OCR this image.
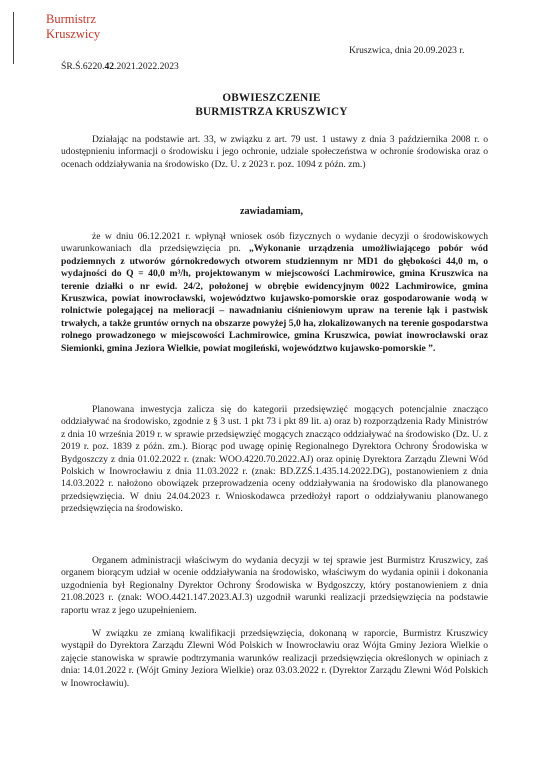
Burmistrz
Kruszwicy
Kruszwica, dnia 20.09.2023 r.
ŚR.Ś.6220.42.2021.2022.2023
OBWIESZCZENIE
BURMISTRZA KRUSZWICY

Działając na podstawie art. 33, w związku z art. 79 ust. 1 ustawy z dnia 3 października 2008 r. o udostępnieniu informacji o środowisku i jego ochronie, udziale społeczeństwa w ochronie środowiska oraz o ocenach oddziaływania na środowisko (Dz. U. z 2023 r. poz. 1094 z późn. zm.)

zawiadamiam,

że w dniu 06.12.2021 r. wpłynął wniosek osób fizycznych o wydanie decyzji o środowiskowych uwarunkowaniach dla przedsięwzięcia pn. „Wykonanie urządzenia umożliwiającego pobór wód podziemnych z utworów górnokredowych otworem studziennym nr MD1 do głębokości 44,0 m, o wydajności do Q = 40,0 m³/h, projektowanym w miejscowości Lachmirowice, gmina Kruszwica na terenie działki o nr ewid. 24/2, położonej w obrębie ewidencyjnym 0022 Lachmirowice, gmina Kruszwica, powiat inowrocławski, województwo kujawsko-pomorskie oraz gospodarowanie wodą w rolnictwie polegającej na melioracji – nawadnianiu ciśnieniowym upraw na terenie łąk i pastwisk trwałych, a także gruntów ornych na obszarze powyżej 5,0 ha, zlokalizowanych na terenie gospodarstwa rolnego prowadzonego w miejscowości Lachmirowice, gmina Kruszwica, powiat inowrocławski oraz Siemionki, gmina Jeziora Wielkie, powiat mogileński, województwo kujawsko-pomorskie ”.

Planowana inwestycja zalicza się do kategorii przedsięwzięć mogących potencjalnie znacząco oddziaływać na środowisko, zgodnie z § 3 ust. 1 pkt 73 i pkt 89 lit. a) oraz b) rozporządzenia Rady Ministrów z dnia 10 września 2019 r. w sprawie przedsięwzięć mogących znacząco oddziaływać na środowisko (Dz. U. z 2019 r. poz. 1839 z późn. zm.). Biorąc pod uwagę opinię Regionalnego Dyrektora Ochrony Środowiska w Bydgoszczy z dnia 01.02.2022 r. (znak: WOO.4220.70.2022.AJ) oraz opinię Dyrektora Zarządu Zlewni Wód Polskich w Inowrocławiu z dnia 11.03.2022 r. (znak: BD.ZZŚ.1.435.14.2022.DG), postanowieniem z dnia 14.03.2022 r. nałożono obowiązek przeprowadzenia oceny oddziaływania na środowisko dla planowanego przedsięwzięcia. W dniu 24.04.2023 r. Wnioskodawca przedłożył raport o oddziaływaniu planowanego przedsięwzięcia na środowisko.

Organem administracji właściwym do wydania decyzji w tej sprawie jest Burmistrz Kruszwicy, zaś organem biorącym udział w ocenie oddziaływania na środowisko, właściwym do wydania opinii i dokonania uzgodnienia był Regionalny Dyrektor Ochrony Środowiska w Bydgoszczy, który postanowieniem z dnia 21.08.2023 r. (znak: WOO.4421.147.2023.AJ.3) uzgodnił warunki realizacji przedsięwzięcia na podstawie raportu wraz z jego uzupełnieniem.

W związku ze zmianą kwalifikacji przedsięwzięcia, dokonaną w raporcie, Burmistrz Kruszwicy wystąpił do Dyrektora Zarządu Zlewni Wód Polskich w Inowrocławiu oraz Wójta Gminy Jeziora Wielkie o zajęcie stanowiska w sprawie podtrzymania warunków realizacji przedsięwzięcia określonych w opiniach z dnia: 14.01.2022 r. (Wójt Gminy Jeziora Wielkie) oraz 03.03.2022 r. (Dyrektor Zarządu Zlewni Wód Polskich w Inowrocławiu).
